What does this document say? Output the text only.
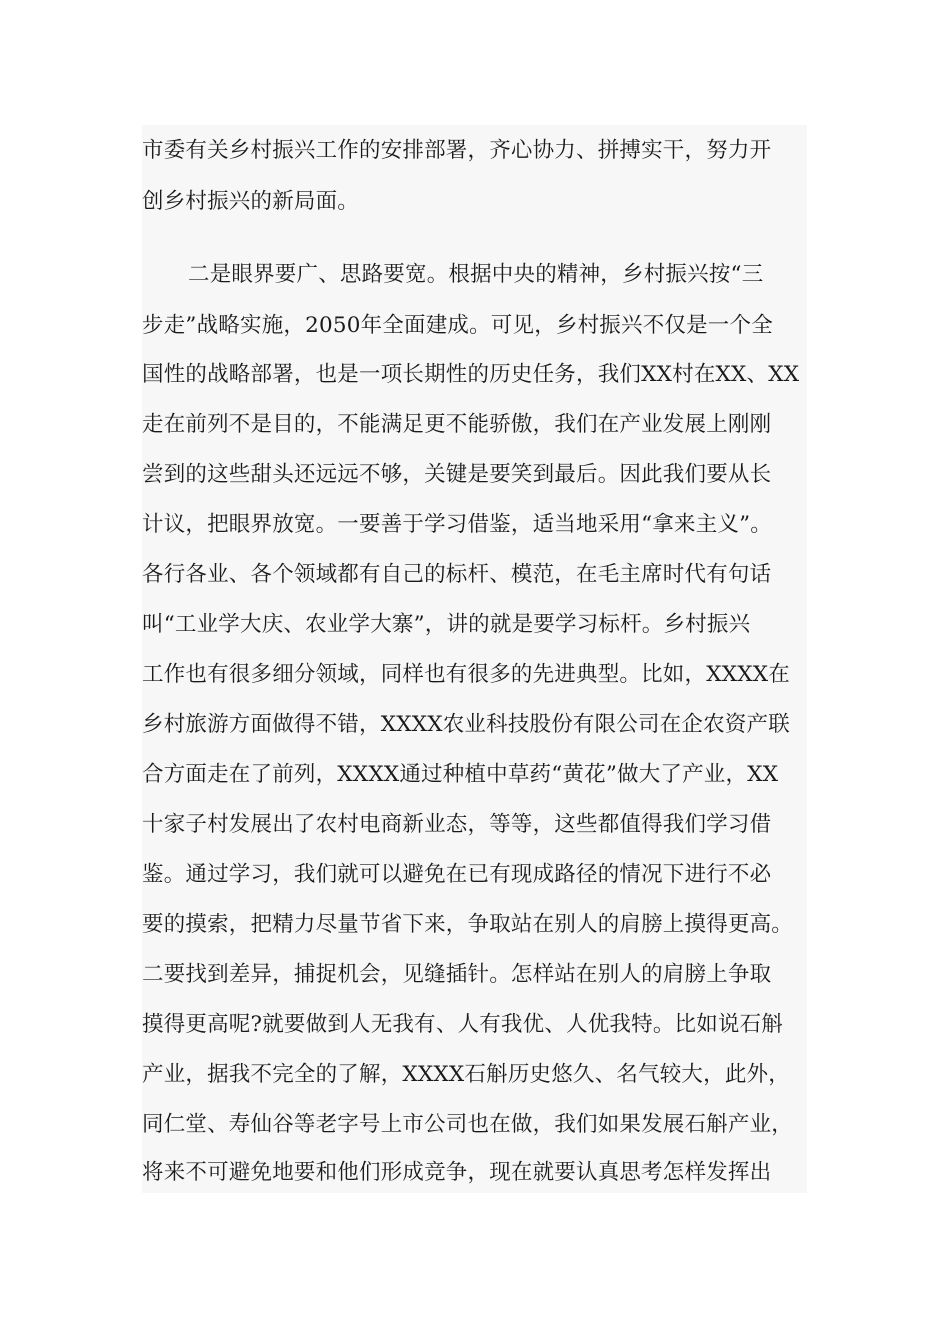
市委有关乡村振兴工作的安排部署，齐心协力、拼搏实干，努力开
创乡村振兴的新局面。
二是眼界要广、思路要宽。根据中央的精神，乡村振兴按“三
步走”战略实施，2050年全面建成。可见，乡村振兴不仅是一个全
国性的战略部署，也是一项长期性的历史任务，我们XX村在XX、XX
走在前列不是目的，不能满足更不能骄傲，我们在产业发展上刚刚
尝到的这些甜头还远远不够，关键是要笑到最后。因此我们要从长
计议，把眼界放宽。一要善于学习借鉴，适当地采用“拿来主义”。
各行各业、各个领域都有自己的标杆、模范，在毛主席时代有句话
叫“工业学大庆、农业学大寨”，讲的就是要学习标杆。乡村振兴
工作也有很多细分领域，同样也有很多的先进典型。比如，XXXX在
乡村旅游方面做得不错，XXXX农业科技股份有限公司在企农资产联
合方面走在了前列，XXXX通过种植中草药“黄花”做大了产业，XX
十家子村发展出了农村电商新业态，等等，这些都值得我们学习借
鉴。通过学习，我们就可以避免在已有现成路径的情况下进行不必
要的摸索，把精力尽量节省下来，争取站在别人的肩膀上摸得更高。
二要找到差异，捕捉机会，见缝插针。怎样站在别人的肩膀上争取
摸得更高呢?就要做到人无我有、人有我优、人优我特。比如说石斛
产业，据我不完全的了解，XXXX石斛历史悠久、名气较大，此外，
同仁堂、寿仙谷等老字号上市公司也在做，我们如果发展石斛产业，
将来不可避免地要和他们形成竞争，现在就要认真思考怎样发挥出
